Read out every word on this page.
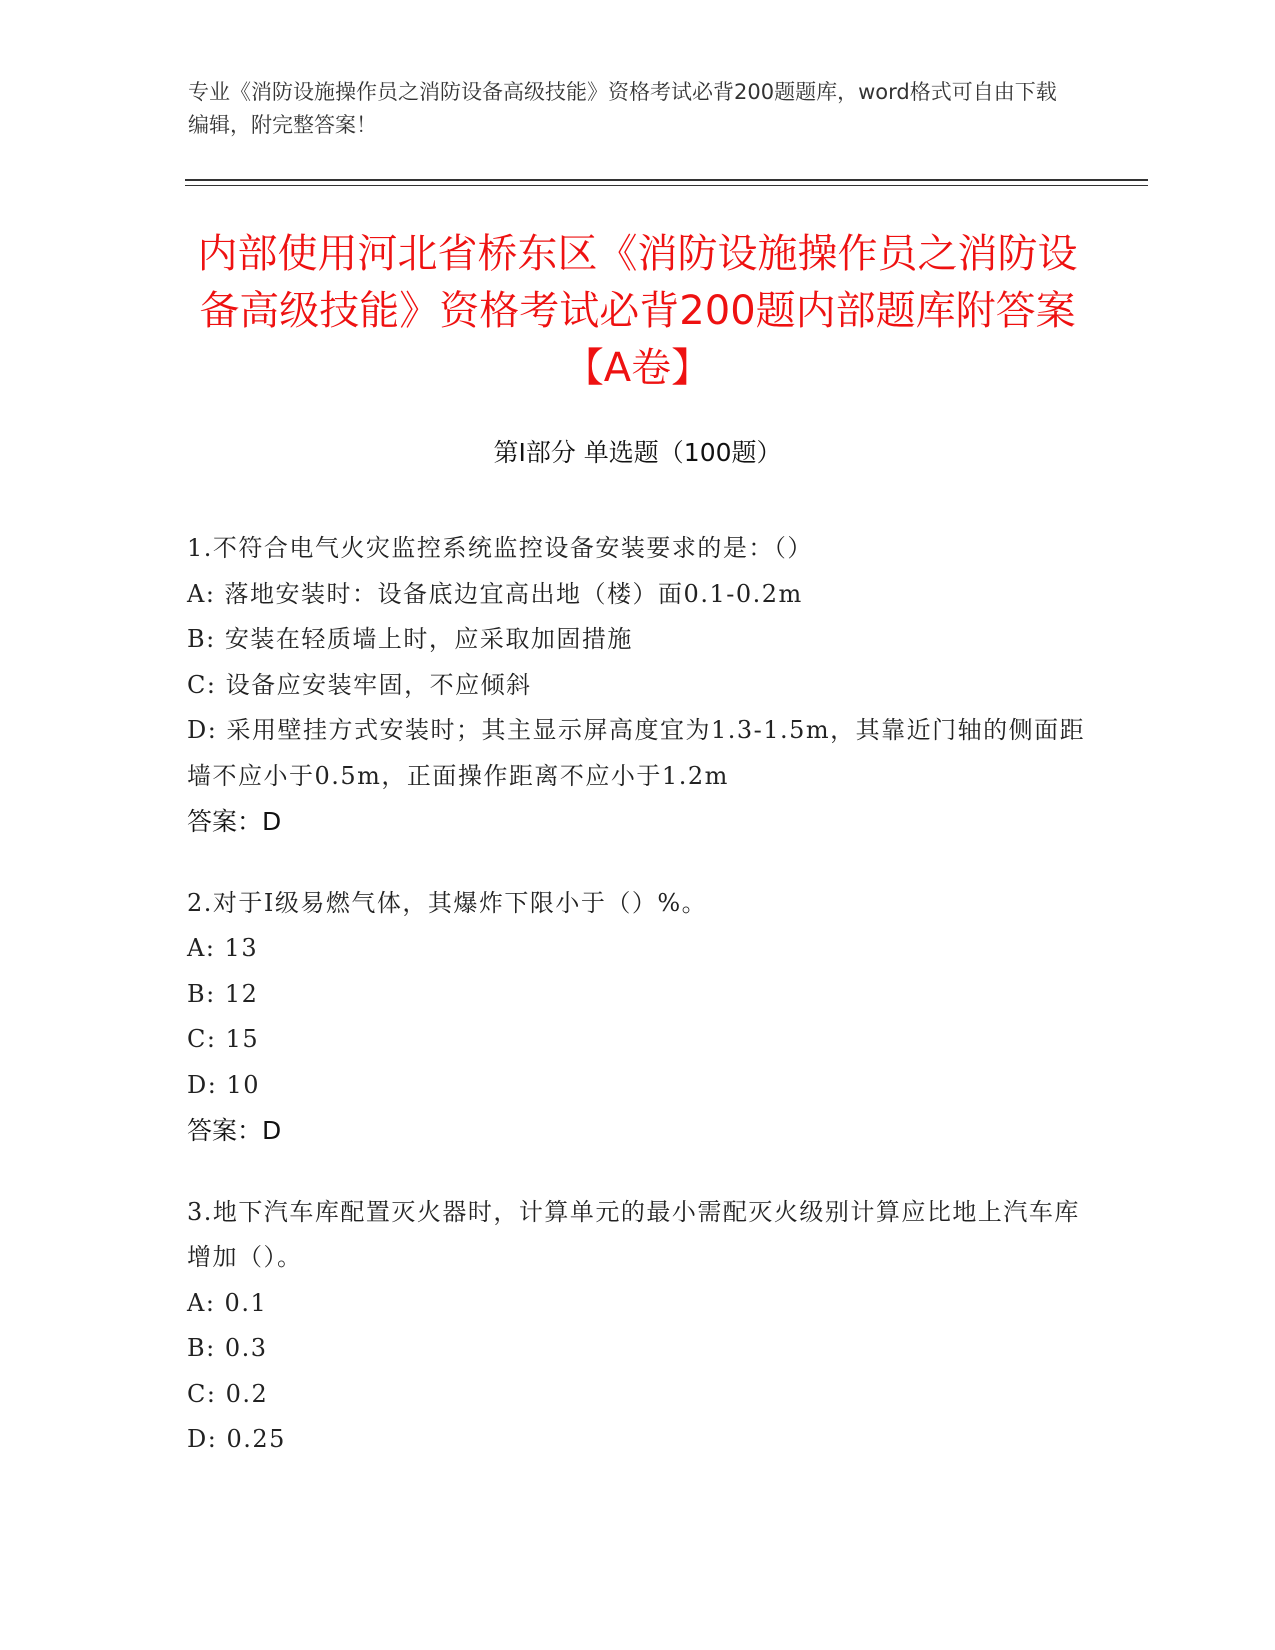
专业《消防设施操作员之消防设备高级技能》资格考试必背200题题库，word格式可自由下载编辑，附完整答案！
内部使用河北省桥东区《消防设施操作员之消防设备高级技能》资格考试必背200题内部题库附答案【A卷】
第I部分 单选题（100题）
1.不符合电气火灾监控系统监控设备安装要求的是：（）
A: 落地安装时：设备底边宜高出地（楼）面0.1-0.2m
B: 安装在轻质墙上时，应采取加固措施
C: 设备应安装牢固，不应倾斜
D: 采用壁挂方式安装时；其主显示屏高度宜为1.3-1.5m，其靠近门轴的侧面距墙不应小于0.5m，正面操作距离不应小于1.2m
答案：D
2.对于Ⅰ级易燃气体，其爆炸下限小于（）%。
A: 13
B: 12
C: 15
D: 10
答案：D
3.地下汽车库配置灭火器时，计算单元的最小需配灭火级别计算应比地上汽车库增加（）。
A: 0.1
B: 0.3
C: 0.2
D: 0.25
